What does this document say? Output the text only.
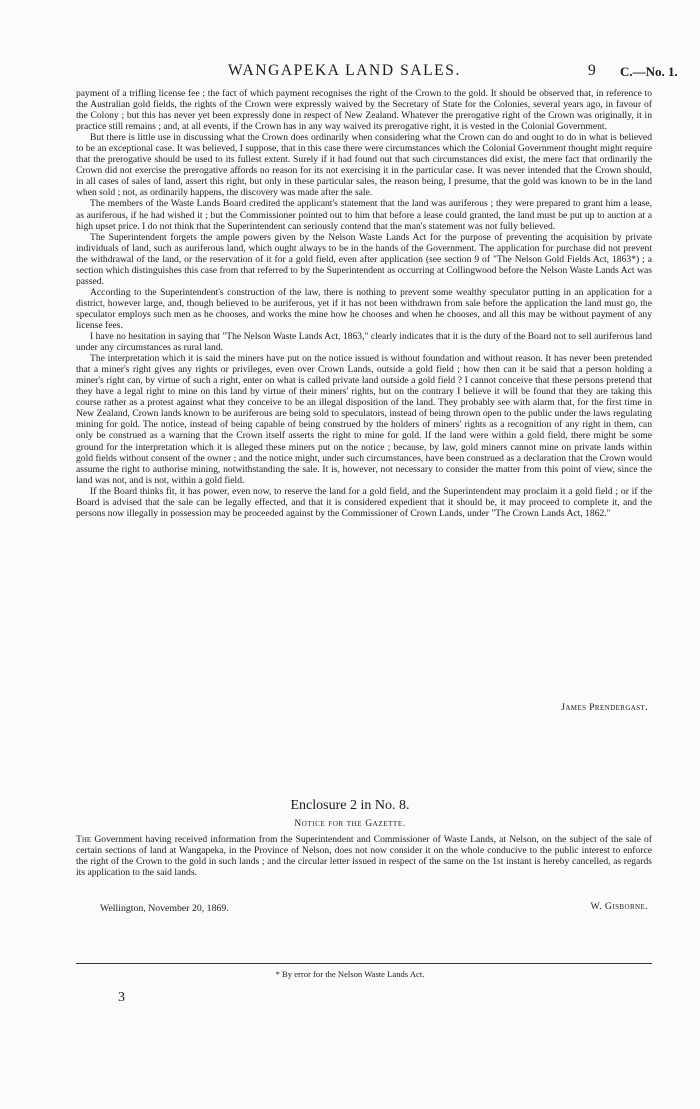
WANGAPEKA LAND SALES.	9 C.—No. 1.

payment of a trifling license fee ; the fact of which payment recognises the right of the Crown to the gold. It should be observed that, in reference to the Australian gold fields, the rights of the Crown were expressly waived by the Secretary of State for the Colonies, several years ago, in favour of the Colony ; but this has never yet been expressly done in respect of New Zealand. Whatever the prerogative right of the Crown was originally, it in practice still remains ; and, at all events, if the Crown has in any way waived its prerogative right, it is vested in the Colonial Government.

But there is little use in discussing what the Crown does ordinarily when considering what the Crown can do and ought to do in what is believed to be an exceptional case. It was believed, I suppose, that in this case there were circumstances which the Colonial Government thought might require that the prerogative should be used to its fullest extent. Surely if it had found out that such circumstances did exist, the mere fact that ordinarily the Crown did not exercise the prerogative affords no reason for its not exercising it in the particular case. It was never intended that the Crown should, in all cases of sales of land, assert this right, but only in these particular sales, the reason being, I presume, that the gold was known to be in the land when sold ; not, as ordinarily happens, the discovery was made after the sale.

The members of the Waste Lands Board credited the applicant's statement that the land was auriferous ; they were prepared to grant him a lease, as auriferous, if he had wished it ; but the Commissioner pointed out to him that before a lease could granted, the land must be put up to auction at a high upset price. I do not think that the Superintendent can seriously contend that the man's statement was not fully believed.

The Superintendent forgets the ample powers given by the Nelson Waste Lands Act for the purpose of preventing the acquisition by private individuals of land, such as auriferous land, which ought always to be in the hands of the Government. The application for purchase did not prevent the withdrawal of the land, or the reservation of it for a gold field, even after application (see section 9 of "The Nelson Gold Fields Act, 1863*) ; a section which distinguishes this case from that referred to by the Superintendent as occurring at Collingwood before the Nelson Waste Lands Act was passed.

According to the Superintendent's construction of the law, there is nothing to prevent some wealthy speculator putting in an application for a district, however large, and, though believed to be auriferous, yet if it has not been withdrawn from sale before the application the land must go, the speculator employs such men as he chooses, and works the mine how he chooses and when he chooses, and all this may be without payment of any license fees.

I have no hesitation in saying that "The Nelson Waste Lands Act, 1863," clearly indicates that it is the duty of the Board not to sell auriferous land under any circumstances as rural land.

The interpretation which it is said the miners have put on the notice issued is without foundation and without reason. It has never been pretended that a miner's right gives any rights or privileges, even over Crown Lands, outside a gold field ; how then can it be said that a person holding a miner's right can, by virtue of such a right, enter on what is called private land outside a gold field ? I cannot conceive that these persons pretend that they have a legal right to mine on this land by virtue of their miners' rights, but on the contrary I believe it will be found that they are taking this course rather as a protest against what they conceive to be an illegal disposition of the land. They probably see with alarm that, for the first time in New Zealand, Crown lands known to be auriferous are being sold to speculators, instead of being thrown open to the public under the laws regulating mining for gold. The notice, instead of being capable of being construed by the holders of miners' rights as a recognition of any right in them, can only be construed as a warning that the Crown itself asserts the right to mine for gold. If the land were within a gold field, there might be some ground for the interpretation which it is alleged these miners put on the notice ; because, by law, gold miners cannot mine on private lands within gold fields without consent of the owner ; and the notice might, under such circumstances, have been construed as a declaration that the Crown would assume the right to authorise mining, notwithstanding the sale. It is, however, not necessary to consider the matter from this point of view, since the land was not, and is not, within a gold field.

If the Board thinks fit, it has power, even now, to reserve the land for a gold field, and the Superintendent may proclaim it a gold field ; or if the Board is advised that the sale can be legally effected, and that it is considered expedient that it should be, it may proceed to complete it, and the persons now illegally in possession may be proceeded against by the Commissioner of Crown Lands, under "The Crown Lands Act, 1862."

James Prendergast.
Enclosure 2 in No. 8.
Notice for the Gazette.
The Government having received information from the Superintendent and Commissioner of Waste Lands, at Nelson, on the subject of the sale of certain sections of land at Wangapeka, in the Province of Nelson, does not now consider it on the whole conducive to the public interest to enforce the right of the Crown to the gold in such lands ; and the circular letter issued in respect of the same on the 1st instant is hereby cancelled, as regards its application to the said lands.
Wellington, November 20, 1869.	W. Gisborne.
* By error for the Nelson Waste Lands Act.
3
